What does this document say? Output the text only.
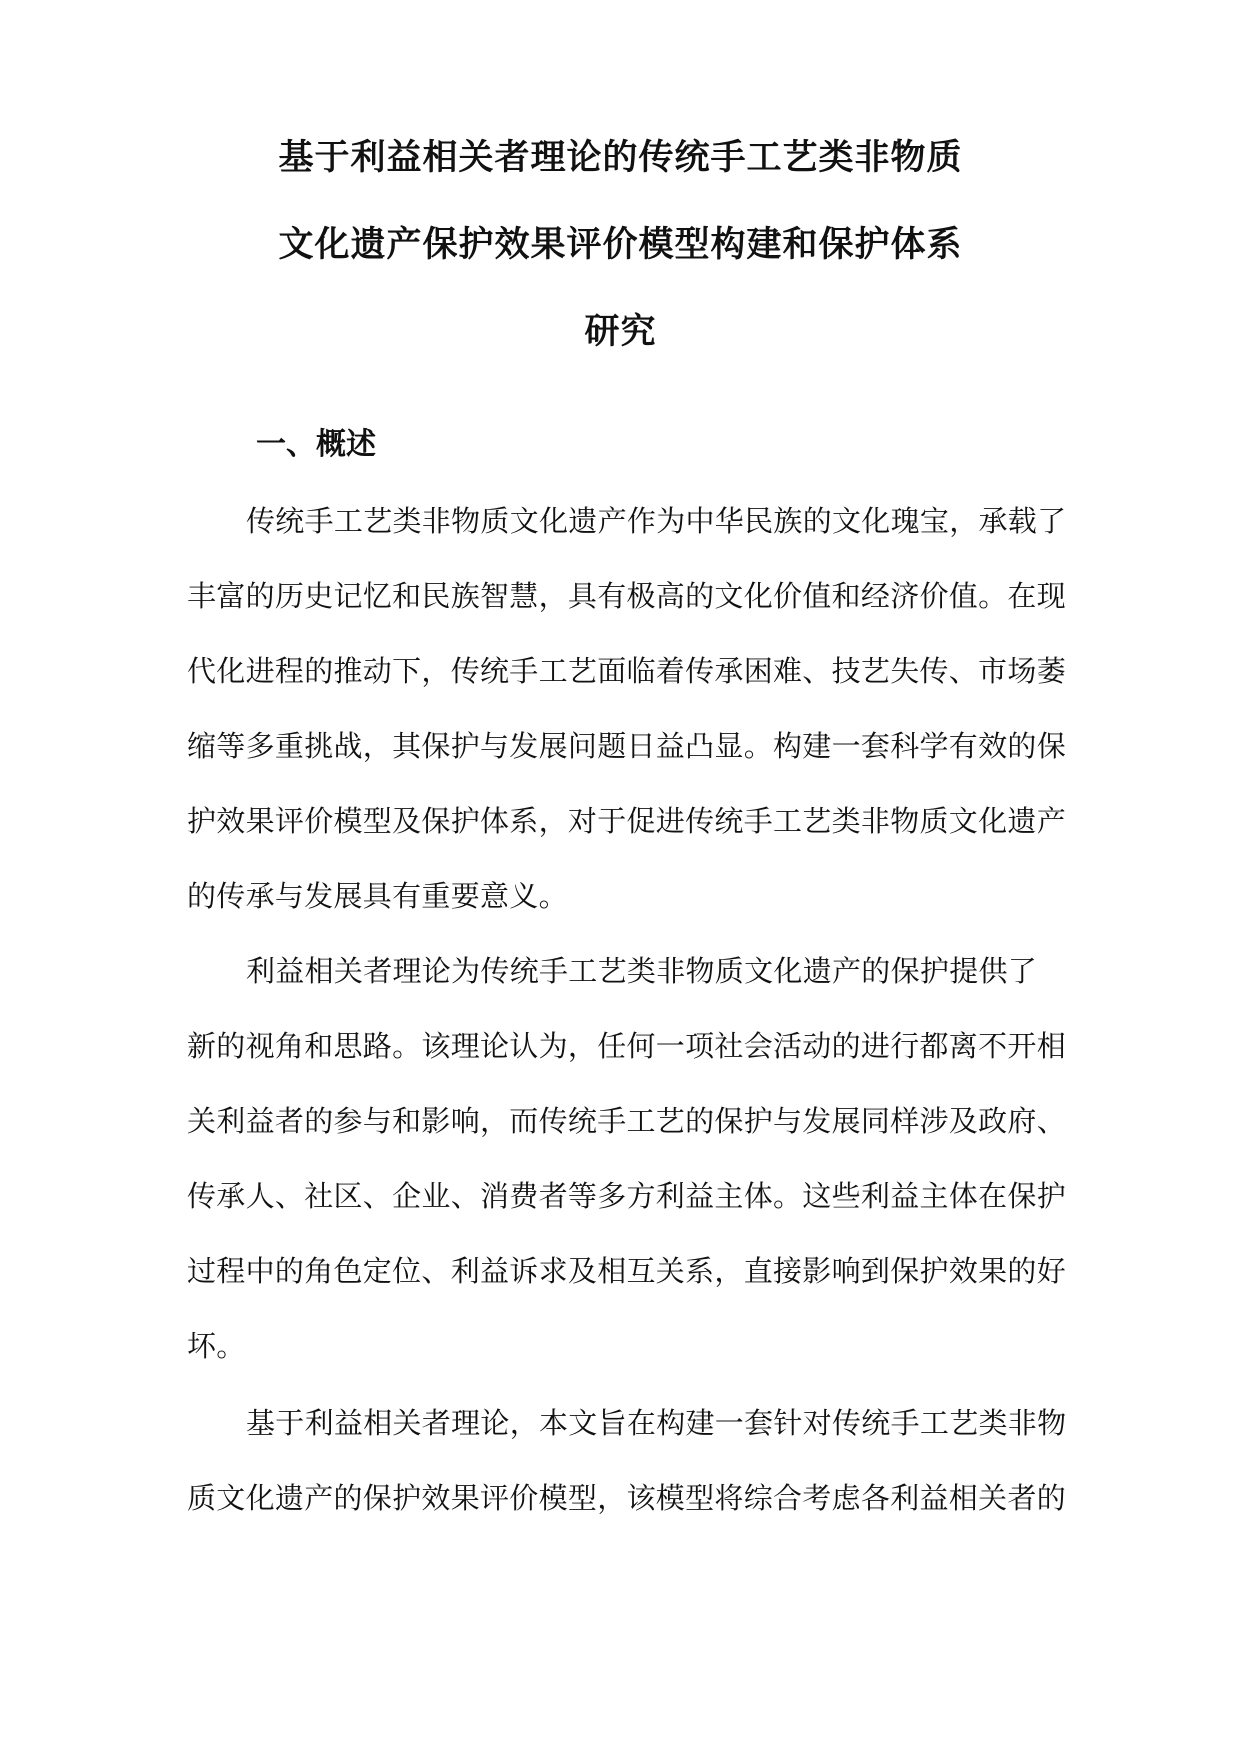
基于利益相关者理论的传统手工艺类非物质
文化遗产保护效果评价模型构建和保护体系
研究
一、概述
传统手工艺类非物质文化遗产作为中华民族的文化瑰宝，承载了
丰富的历史记忆和民族智慧，具有极高的文化价值和经济价值。在现
代化进程的推动下，传统手工艺面临着传承困难、技艺失传、市场萎
缩等多重挑战，其保护与发展问题日益凸显。构建一套科学有效的保
护效果评价模型及保护体系，对于促进传统手工艺类非物质文化遗产
的传承与发展具有重要意义。
利益相关者理论为传统手工艺类非物质文化遗产的保护提供了
新的视角和思路。该理论认为，任何一项社会活动的进行都离不开相
关利益者的参与和影响，而传统手工艺的保护与发展同样涉及政府、
传承人、社区、企业、消费者等多方利益主体。这些利益主体在保护
过程中的角色定位、利益诉求及相互关系，直接影响到保护效果的好
坏。
基于利益相关者理论，本文旨在构建一套针对传统手工艺类非物
质文化遗产的保护效果评价模型，该模型将综合考虑各利益相关者的
